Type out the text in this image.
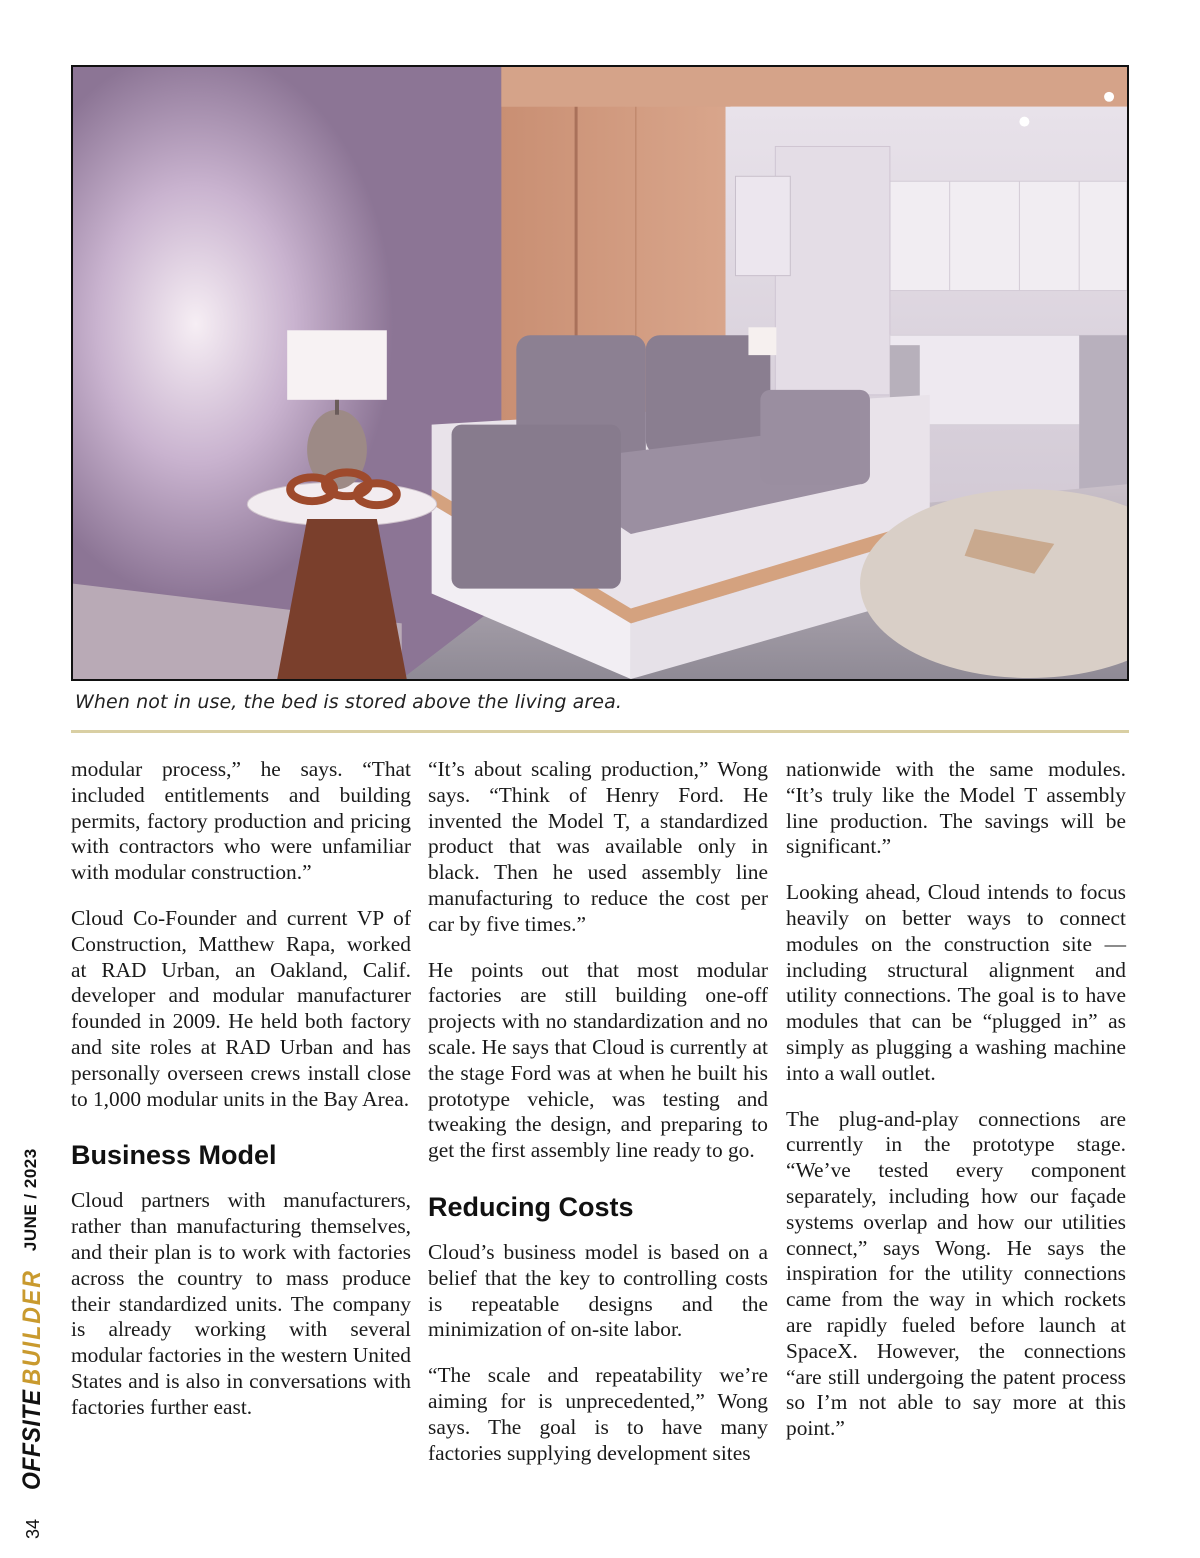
When not in use, the bed is stored above the living area.

modular process,” he says. “That included entitlements and building permits, factory production and pricing with contractors who were unfamiliar with modular construction.”

Cloud Co-Founder and current VP of Construction, Matthew Rapa, worked at RAD Urban, an Oakland, Calif. developer and modular manufacturer founded in 2009. He held both factory and site roles at RAD Urban and has personally overseen crews install close to 1,000 modular units in the Bay Area.

Business Model

Cloud partners with manufacturers, rather than manufacturing themselves, and their plan is to work with factories across the country to mass produce their standardized units. The company is already working with several modular factories in the western United States and is also in conversations with factories further east.

“It’s about scaling production,” Wong says. “Think of Henry Ford. He invented the Model T, a standardized product that was available only in black. Then he used assembly line manufacturing to reduce the cost per car by five times.”

He points out that most modular factories are still building one-off projects with no standardization and no scale. He says that Cloud is currently at the stage Ford was at when he built his prototype vehicle, was testing and tweaking the design, and preparing to get the first assembly line ready to go.

Reducing Costs

Cloud’s business model is based on a belief that the key to controlling costs is repeatable designs and the minimization of on-site labor.

“The scale and repeatability we’re aiming for is unprecedented,” Wong says. The goal is to have many factories supplying development sites

nationwide with the same modules. “It’s truly like the Model T assembly line production. The savings will be significant.”

Looking ahead, Cloud intends to focus heavily on better ways to connect modules on the construction site — including structural alignment and utility connections. The goal is to have modules that can be “plugged in” as simply as plugging a washing machine into a wall outlet.

The plug-and-play connections are currently in the prototype stage. “We’ve tested every component separately, including how our façade systems overlap and how our utilities connect,” says Wong. He says the inspiration for the utility connections came from the way in which rockets are rapidly fueled before launch at SpaceX. However, the connections “are still undergoing the patent process so I’m not able to say more at this point.”

OFFSITE
BUILDER
JUNE / 2023
34
